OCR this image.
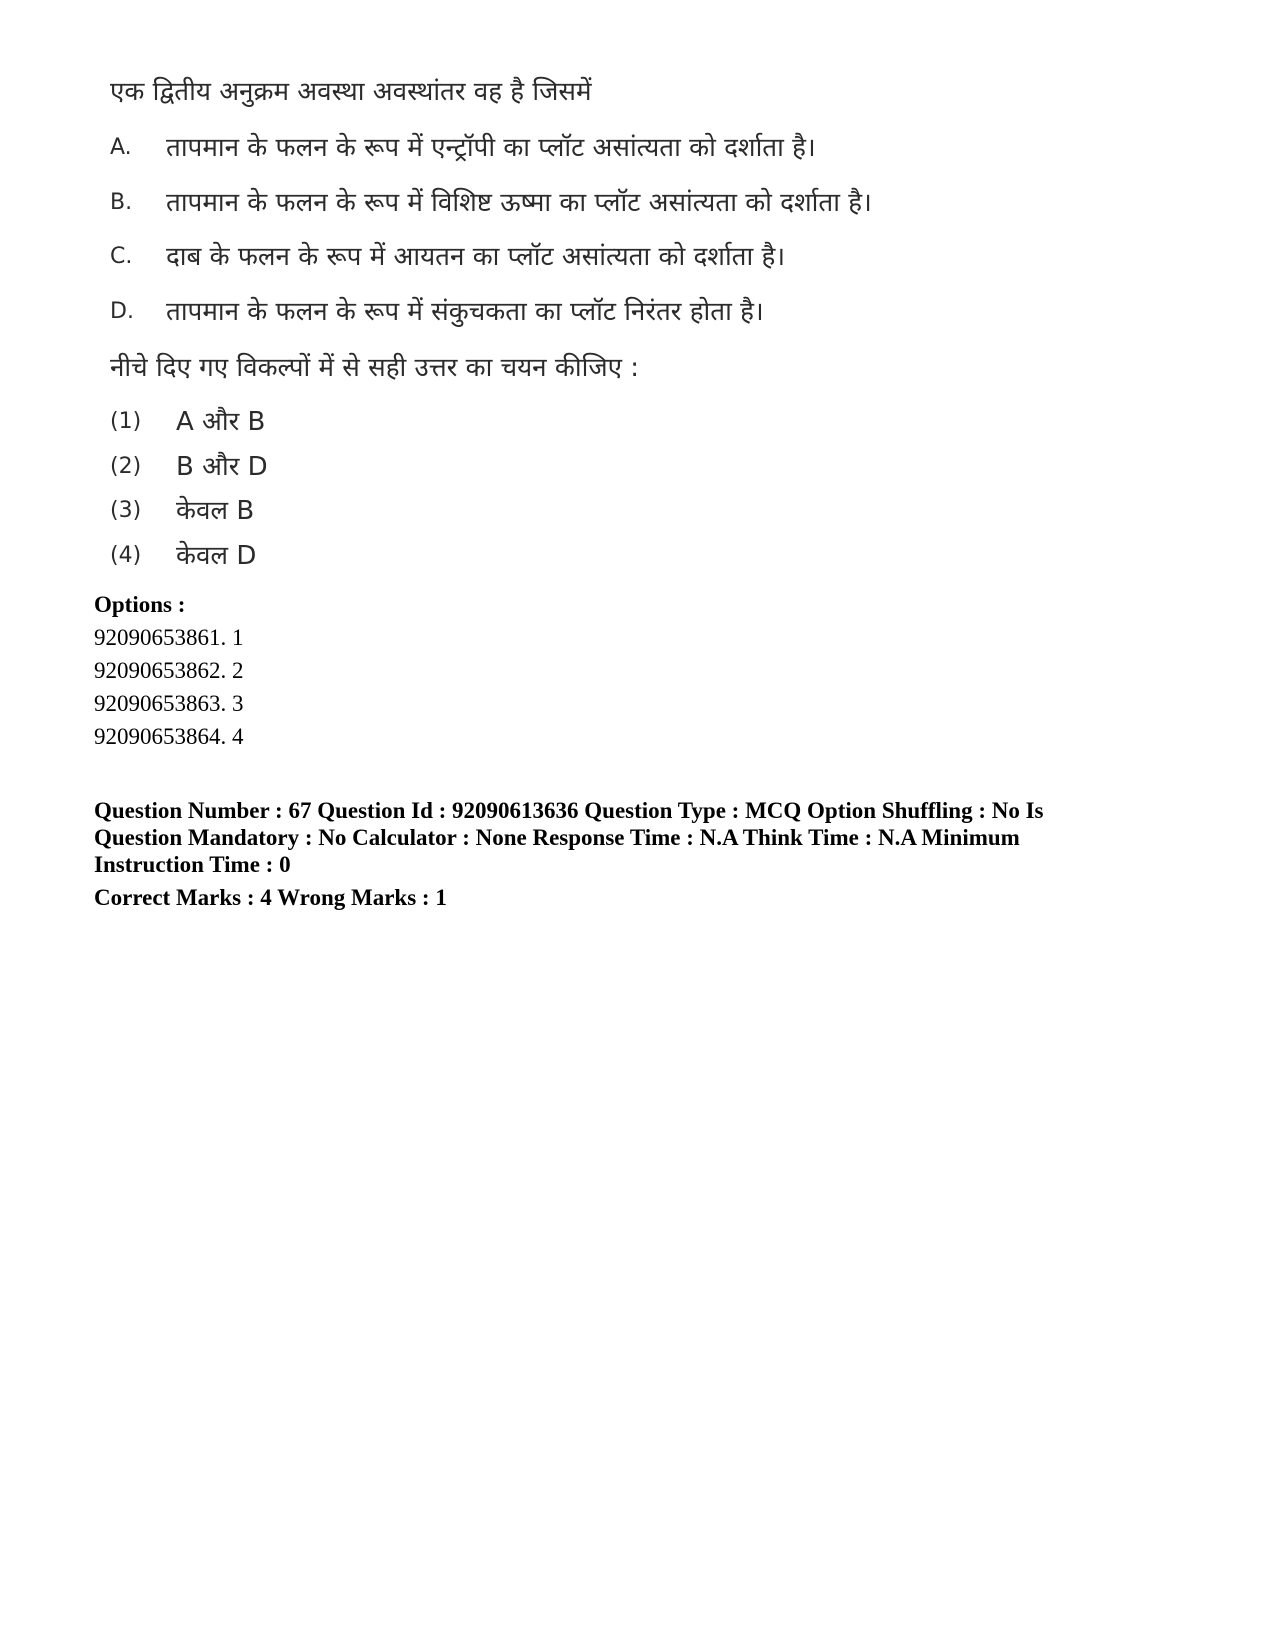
एक द्वितीय अनुक्रम अवस्था अवस्थांतर वह है जिसमें
A. तापमान के फलन के रूप में एन्ट्रॉपी का प्लॉट असांत्यता को दर्शाता है।
B. तापमान के फलन के रूप में विशिष्ट ऊष्मा का प्लॉट असांत्यता को दर्शाता है।
C. दाब के फलन के रूप में आयतन का प्लॉट असांत्यता को दर्शाता है।
D. तापमान के फलन के रूप में संकुचकता का प्लॉट निरंतर होता है।
नीचे दिए गए विकल्पों में से सही उत्तर का चयन कीजिए :
(1) A और B
(2) B और D
(3) केवल B
(4) केवल D
Options :
92090653861. 1
92090653862. 2
92090653863. 3
92090653864. 4
Question Number : 67 Question Id : 92090613636 Question Type : MCQ Option Shuffling : No Is
Question Mandatory : No Calculator : None Response Time : N.A Think Time : N.A Minimum
Instruction Time : 0
Correct Marks : 4 Wrong Marks : 1
